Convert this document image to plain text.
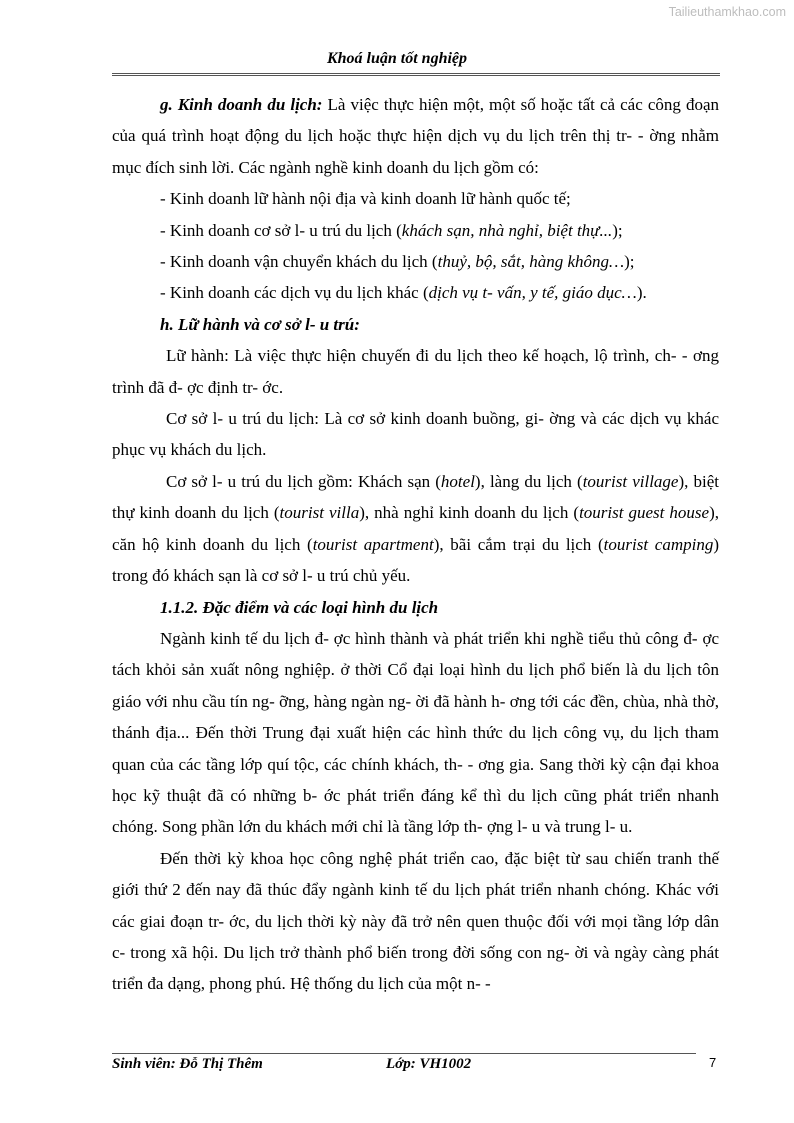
Tailieuthamkhao.com
Khoá luận tốt nghiệp

g. Kinh doanh du lịch: Là việc thực hiện một, một số hoặc tất cả các công đoạn của quá trình hoạt động du lịch hoặc thực hiện dịch vụ du lịch trên thị tr- - ờng nhằm mục đích sinh lời. Các ngành nghề kinh doanh du lịch gồm có:

- Kinh doanh lữ hành nội địa và kinh doanh lữ hành quốc tế;

- Kinh doanh cơ sở l- u trú du lịch (khách sạn, nhà nghỉ, biệt thự...);

- Kinh doanh vận chuyển khách du lịch (thuỷ, bộ, sắt, hàng không…);

- Kinh doanh các dịch vụ du lịch khác (dịch vụ t- vấn, y tế, giáo dục…).

h. Lữ hành và cơ sở l- u trú:

Lữ hành: Là việc thực hiện chuyến đi du lịch theo kế hoạch, lộ trình, ch- - ơng trình đã đ- ợc định tr- ớc.

Cơ sở l- u trú du lịch: Là cơ sở kinh doanh buồng, gi- ờng và các dịch vụ khác phục vụ khách du lịch.

Cơ sở l- u trú du lịch gồm: Khách sạn (hotel), làng du lịch (tourist village), biệt thự kinh doanh du lịch (tourist villa), nhà nghỉ kinh doanh du lịch (tourist guest house), căn hộ kinh doanh du lịch (tourist apartment), bãi cắm trại du lịch (tourist camping) trong đó khách sạn là cơ sở l- u trú chủ yếu.

1.1.2. Đặc điểm và các loại hình du lịch

Ngành kinh tế du lịch đ- ợc hình thành và phát triển khi nghề tiểu thủ công đ- ợc tách khỏi sản xuất nông nghiệp. ở thời Cổ đại loại hình du lịch phổ biến là du lịch tôn giáo với nhu cầu tín ng- ỡng, hàng ngàn ng- ời đã hành h- ơng tới các đền, chùa, nhà thờ, thánh địa... Đến thời Trung đại xuất hiện các hình thức du lịch công vụ, du lịch tham quan của các tầng lớp quí tộc, các chính khách, th- - ơng gia. Sang thời kỳ cận đại khoa học kỹ thuật đã có những b- ớc phát triển đáng kể thì du lịch cũng phát triển nhanh chóng. Song phần lớn du khách mới chỉ là tầng lớp th- ợng l- u và trung l- u.

Đến thời kỳ khoa học công nghệ phát triển cao, đặc biệt từ sau chiến tranh thế giới thứ 2 đến nay đã thúc đẩy ngành kinh tế du lịch phát triển nhanh chóng. Khác với các giai đoạn tr- ớc, du lịch thời kỳ này đã trở nên quen thuộc đối với mọi tầng lớp dân c- trong xã hội. Du lịch trở thành phổ biến trong đời sống con ng- ời và ngày càng phát triển đa dạng, phong phú. Hệ thống du lịch của một n- -

Sinh viên: Đỗ Thị Thêm	Lớp: VH1002	7
